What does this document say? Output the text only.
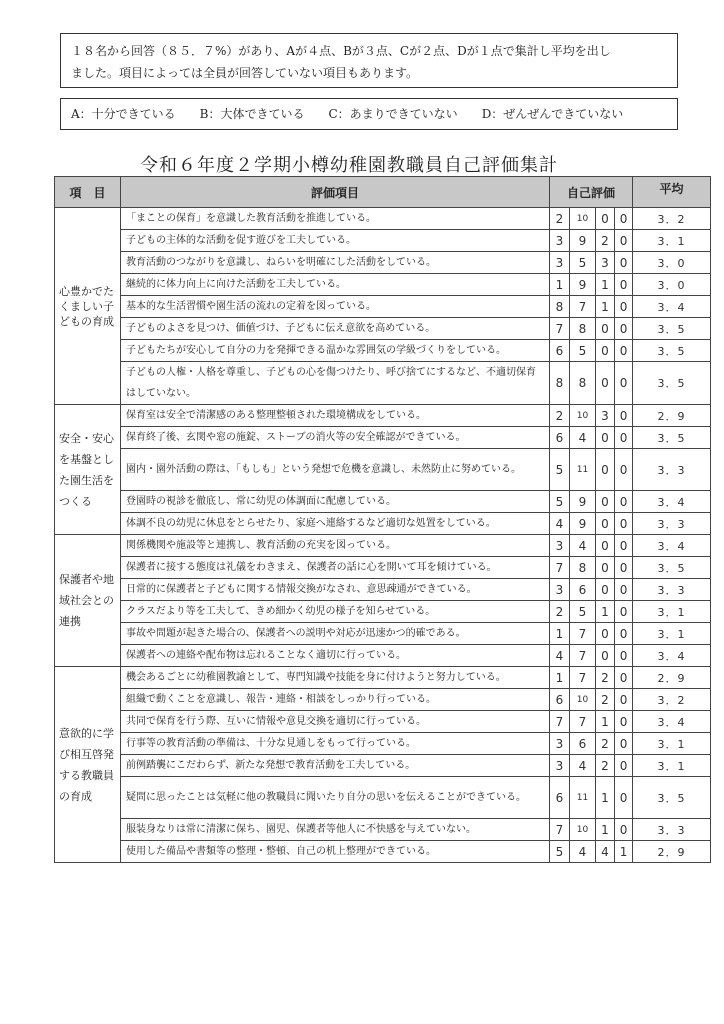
１８名から回答（８５．７%）があり、Aが４点、Bが３点、Cが２点、Dが１点で集計し平均を出し
ました。項目によっては全員が回答していない項目もあります。
A：十分できている B：大体できている C：あまりできていない D：ぜんぜんできていない
令和６年度２学期小樽幼稚園教職員自己評価集計
項　目	評価項目	自己評価				平均
心豊かでたくましい子どもの育成	「まことの保育」を意識した教育活動を推進している。	2	10	0	0	3．2
	子どもの主体的な活動を促す遊びを工夫している。	3	9	2	0	3．1
	教育活動のつながりを意識し、ねらいを明確にした活動をしている。	3	5	3	0	3．0
	継続的に体力向上に向けた活動を工夫している。	1	9	1	0	3．0
	基本的な生活習慣や園生活の流れの定着を図っている。	8	7	1	0	3．4
	子どものよさを見つけ、価値づけ、子どもに伝え意欲を高めている。	7	8	0	0	3．5
	子どもたちが安心して自分の力を発揮できる温かな雰囲気の学級づくりをしている。	6	5	0	0	3．5
	子どもの人権・人格を尊重し、子どもの心を傷つけたり、呼び捨てにするなど、不適切保育はしていない。	8	8	0	0	3．5
安全・安心を基盤とした園生活をつくる	保育室は安全で清潔感のある整理整頓された環境構成をしている。	2	10	3	0	2．9
	保育終了後、玄関や窓の施錠、ストーブの消火等の安全確認ができている。	6	4	0	0	3．5
	園内・園外活動の際は、「もしも」という発想で危機を意識し、未然防止に努めている。	5	11	0	0	3．3
	登園時の視診を徹底し、常に幼児の体調面に配慮している。	5	9	0	0	3．4
	体調不良の幼児に休息をとらせたり、家庭へ連絡するなど適切な処置をしている。	4	9	0	0	3．3
保護者や地域社会との連携	関係機関や施設等と連携し、教育活動の充実を図っている。	3	4	0	0	3．4
	保護者に接する態度は礼儀をわきまえ、保護者の話に心を開いて耳を傾けている。	7	8	0	0	3．5
	日常的に保護者と子どもに関する情報交換がなされ、意思疎通ができている。	3	6	0	0	3．3
	クラスだより等を工夫して、きめ細かく幼児の様子を知らせている。	2	5	1	0	3．1
	事故や問題が起きた場合の、保護者への説明や対応が迅速かつ的確である。	1	7	0	0	3．1
	保護者への連絡や配布物は忘れることなく適切に行っている。	4	7	0	0	3．4
意欲的に学び相互啓発する教職員の育成	機会あるごとに幼稚園教諭として、専門知識や技能を身に付けようと努力している。	1	7	2	0	2．9
	組織で動くことを意識し、報告・連絡・相談をしっかり行っている。	6	10	2	0	3．2
	共同で保育を行う際、互いに情報や意見交換を適切に行っている。	7	7	1	0	3．4
	行事等の教育活動の準備は、十分な見通しをもって行っている。	3	6	2	0	3．1
	前例踏襲にこだわらず、新たな発想で教育活動を工夫している。	3	4	2	0	3．1
	疑問に思ったことは気軽に他の教職員に聞いたり自分の思いを伝えることができている。	6	11	1	0	3．5
	服装身なりは常に清潔に保ち、園児、保護者等他人に不快感を与えていない。	7	10	1	0	3．3
	使用した備品や書類等の整理・整頓、自己の机上整理ができている。	5	4	4	1	2．9
